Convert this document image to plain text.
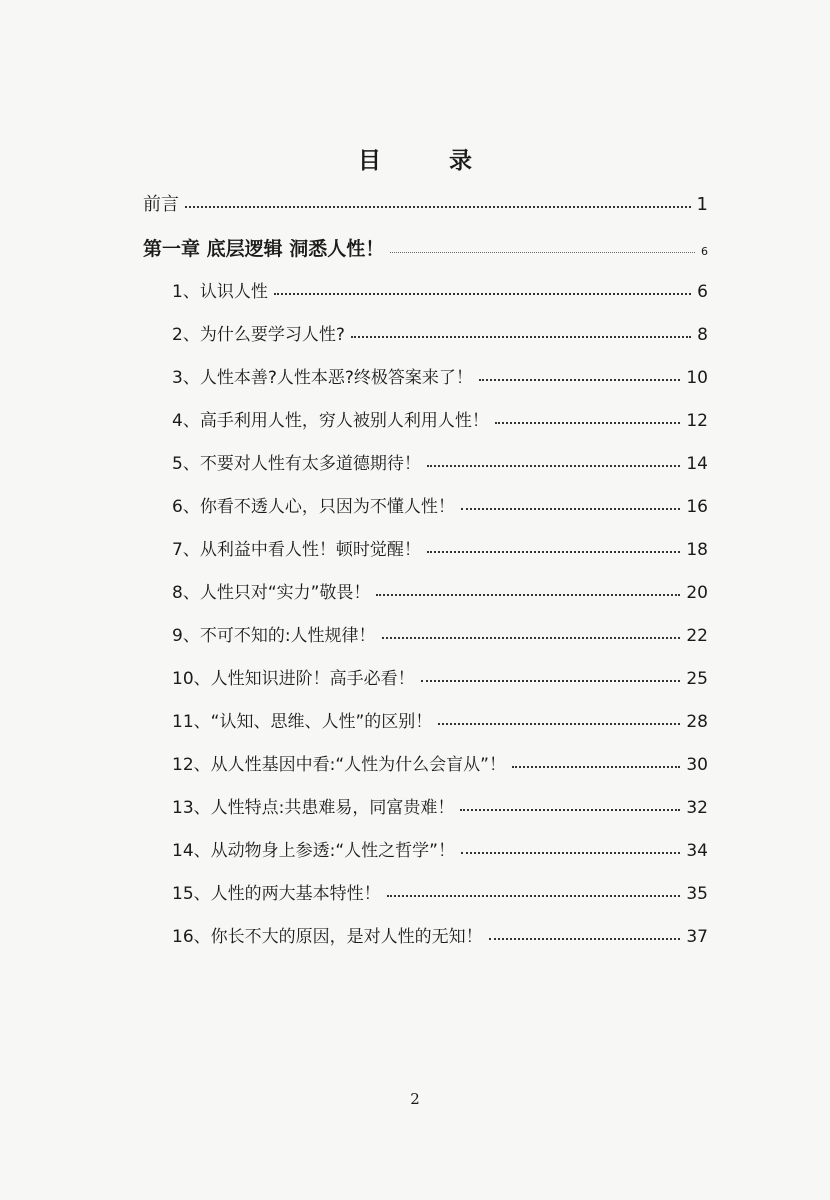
目 录
前言	1
第一章 底层逻辑 洞悉人性！	6
1、认识人性	6
2、为什么要学习人性?	8
3、人性本善?人性本恶?终极答案来了！	10
4、高手利用人性，穷人被别人利用人性！	12
5、不要对人性有太多道德期待！	14
6、你看不透人心，只因为不懂人性！	16
7、从利益中看人性！顿时觉醒！	18
8、人性只对“实力”敬畏！	20
9、不可不知的:人性规律！	22
10、人性知识进阶！高手必看！	25
11、“认知、思维、人性”的区别！	28
12、从人性基因中看:“人性为什么会盲从”！	30
13、人性特点:共患难易，同富贵难！	32
14、从动物身上参透:“人性之哲学”！	34
15、人性的两大基本特性！	35
16、你长不大的原因，是对人性的无知！	37
2
